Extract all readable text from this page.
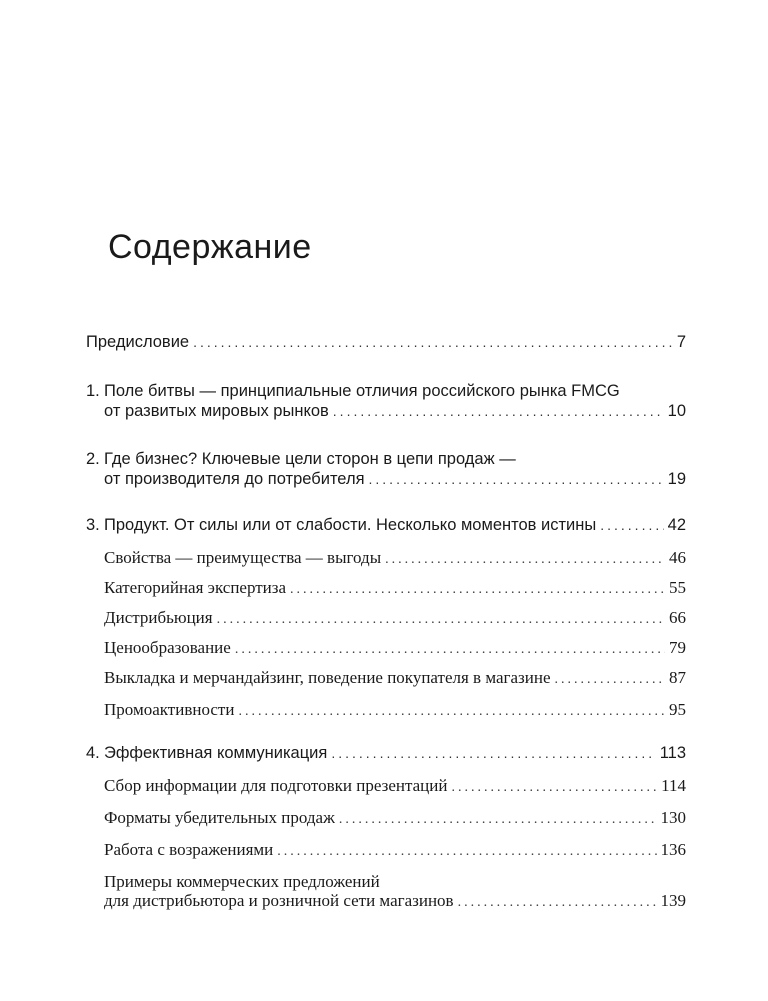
Содержание
Предисловие .....	7
1. Поле битвы — принципиальные отличия российского рынка FMCG
от развитых мировых рынков .....	10
2. Где бизнес? Ключевые цели сторон в цепи продаж —
от производителя до потребителя .....	19
3. Продукт. От силы или от слабости. Несколько моментов истины .....	42
Свойства — преимущества — выгоды .....	46
Категорийная экспертиза .....	55
Дистрибьюция .....	66
Ценообразование .....	79
Выкладка и мерчандайзинг, поведение покупателя в магазине .....	87
Промоактивности .....	95
4. Эффективная коммуникация .....	113
Сбор информации для подготовки презентаций .....	114
Форматы убедительных продаж .....	130
Работа с возражениями .....	136
Примеры коммерческих предложений
для дистрибьютора и розничной сети магазинов .....	139
